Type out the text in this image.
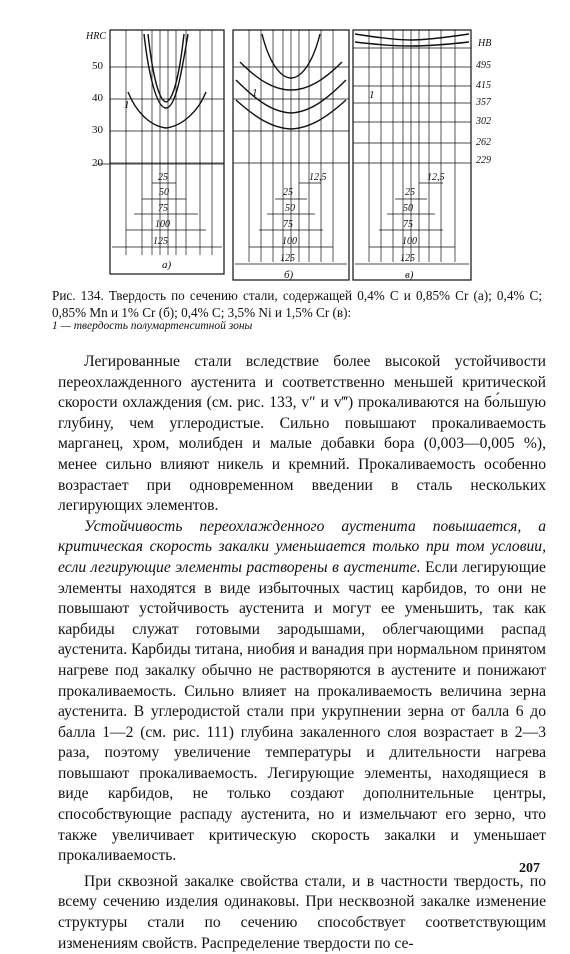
HRC
50
40
30
20
HB
495
415
357
302
262
229
1
25
50
75
100
125
а)
1
12,5
25
50
75
100
125
б)
1
12,5
25
50
75
100
125
в)
Рис. 134. Твердость по сечению стали, содержащей 0,4% C и 0,85% Cr (а); 0,4% C; 0,85% Mn и 1% Cr (б); 0,4% C; 3,5% Ni и 1,5% Cr (в):
1 — твердость полумартенситной зоны

Легированные стали вследствие более высокой устойчивости переохлажденного аустенита и соответственно меньшей критической скорости охлаждения (см. рис. 133, v″ и v‴) прокаливаются на бо́льшую глубину, чем углеродистые. Сильно повышают прокаливаемость марганец, хром, молибден и малые добавки бора (0,003—0,005 %), менее сильно влияют никель и кремний. Прокаливаемость особенно возрастает при одновременном введении в сталь нескольких легирующих элементов.

Устойчивость переохлажденного аустенита повышается, а критическая скорость закалки уменьшается только при том условии, если легирующие элементы растворены в аустените. Если легирующие элементы находятся в виде избыточных частиц карбидов, то они не повышают устойчивость аустенита и могут ее уменьшить, так как карбиды служат готовыми зародышами, облегчающими распад аустенита. Карбиды титана, ниобия и ванадия при нормальном принятом нагреве под закалку обычно не растворяются в аустените и понижают прокаливаемость. Сильно влияет на прокаливаемость величина зерна аустенита. В углеродистой стали при укрупнении зерна от балла 6 до балла 1—2 (см. рис. 111) глубина закаленного слоя возрастает в 2—3 раза, поэтому увеличение температуры и длительности нагрева повышают прокаливаемость. Легирующие элементы, находящиеся в виде карбидов, не только создают дополнительные центры, способствующие распаду аустенита, но и измельчают его зерно, что также увеличивает критическую скорость закалки и уменьшает прокаливаемость.

При сквозной закалке свойства стали, и в частности твердость, по всему сечению изделия одинаковы. При несквозной закалке изменение структуры стали по сечению способствует соответствующим изменениям свойств. Распределение твердости по се-

207
